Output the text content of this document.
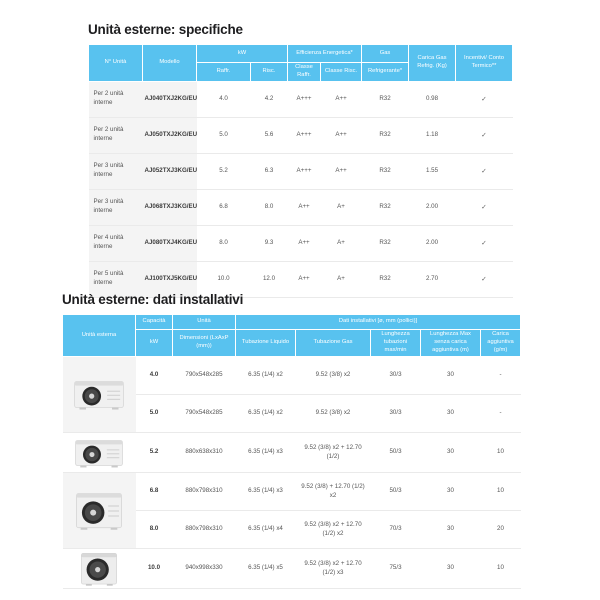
Unità esterne: specifiche
N° Unità	Modello	kW		Efficienza Energetica*		Gas	Carica Gas Refrig. (Kg)	Incentivi/ Conto Termico**
		Raffr.	Risc.	Classe Raffr.	Classe Risc.	Refrigerante*		
Per 2 unità interne	AJ040TXJ2KG/EU	4.0	4.2	A+++	A++	R32	0.98	✓
Per 2 unità interne	AJ050TXJ2KG/EU	5.0	5.6	A+++	A++	R32	1.18	✓
Per 3 unità interne	AJ052TXJ3KG/EU	5.2	6.3	A+++	A++	R32	1.55	✓
Per 3 unità interne	AJ068TXJ3KG/EU	6.8	8.0	A++	A+	R32	2.00	✓
Per 4 unità interne	AJ080TXJ4KG/EU	8.0	9.3	A++	A+	R32	2.00	✓
Per 5 unità interne	AJ100TXJ5KG/EU	10.0	12.0	A++	A+	R32	2.70	✓
Unità esterne: dati installativi
Unità esterna	Capacità	Unità	Dati installativi [ø, mm (pollici)]				
	kW	Dimensioni (LxAxP (mm))	Tubazione Liquido	Tubazione Gas	Lunghezza tubazioni max/min	Lunghezza Max senza carica aggiuntiva (m)	Carica aggiuntiva (g/m)

	4.0	790x548x285	6.35 (1/4) x2	9.52 (3/8) x2	30/3	30	-
	5.0	790x548x285	6.35 (1/4) x2	9.52 (3/8) x2	30/3	30	-

	5.2	880x638x310	6.35 (1/4) x3	9.52 (3/8) x2 + 12.70 (1/2)	50/3	30	10

	6.8	880x798x310	6.35 (1/4) x3	9.52 (3/8) + 12.70 (1/2) x2	50/3	30	10
	8.0	880x798x310	6.35 (1/4) x4	9.52 (3/8) x2 + 12.70 (1/2) x2	70/3	30	20

	10.0	940x998x330	6.35 (1/4) x5	9.52 (3/8) x2 + 12.70 (1/2) x3	75/3	30	10
